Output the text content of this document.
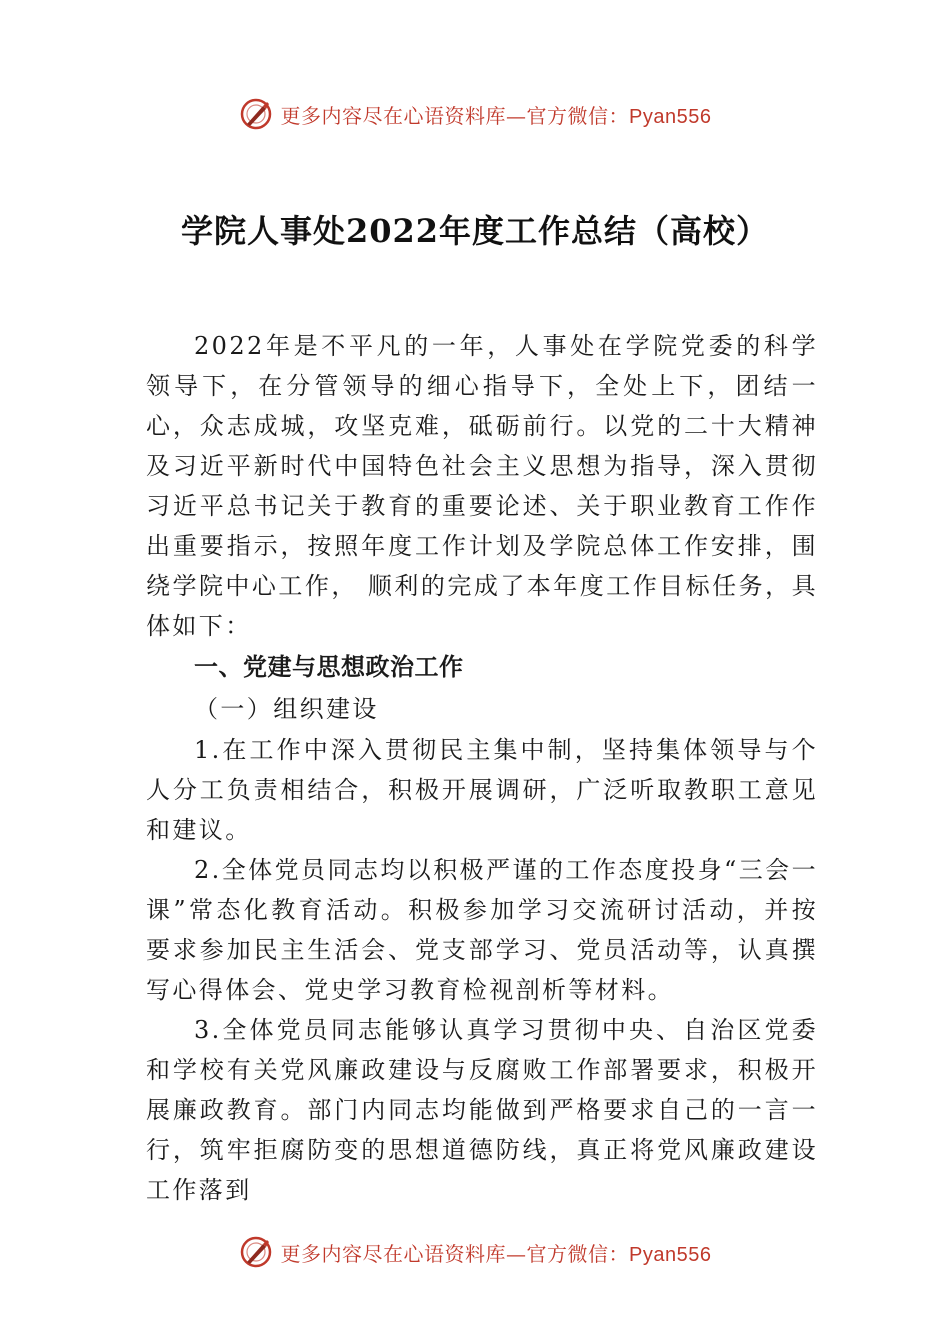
更多内容尽在心语资料库—官方微信：Pyan556
学院人事处2022年度工作总结（高校）

2022年是不平凡的一年，人事处在学院党委的科学领导下，在分管领导的细心指导下，全处上下，团结一心，众志成城，攻坚克难，砥砺前行。以党的二十大精神及习近平新时代中国特色社会主义思想为指导，深入贯彻习近平总书记关于教育的重要论述、关于职业教育工作作出重要指示，按照年度工作计划及学院总体工作安排，围绕学院中心工作， 顺利的完成了本年度工作目标任务，具体如下：

一、党建与思想政治工作

（一）组织建设

1.在工作中深入贯彻民主集中制，坚持集体领导与个人分工负责相结合，积极开展调研，广泛听取教职工意见和建议。

2.全体党员同志均以积极严谨的工作态度投身“三会一课”常态化教育活动。积极参加学习交流研讨活动，并按要求参加民主生活会、党支部学习、党员活动等，认真撰写心得体会、党史学习教育检视剖析等材料。

3.全体党员同志能够认真学习贯彻中央、自治区党委和学校有关党风廉政建设与反腐败工作部署要求，积极开展廉政教育。部门内同志均能做到严格要求自己的一言一行，筑牢拒腐防变的思想道德防线，真正将党风廉政建设工作落到

更多内容尽在心语资料库—官方微信：Pyan556
